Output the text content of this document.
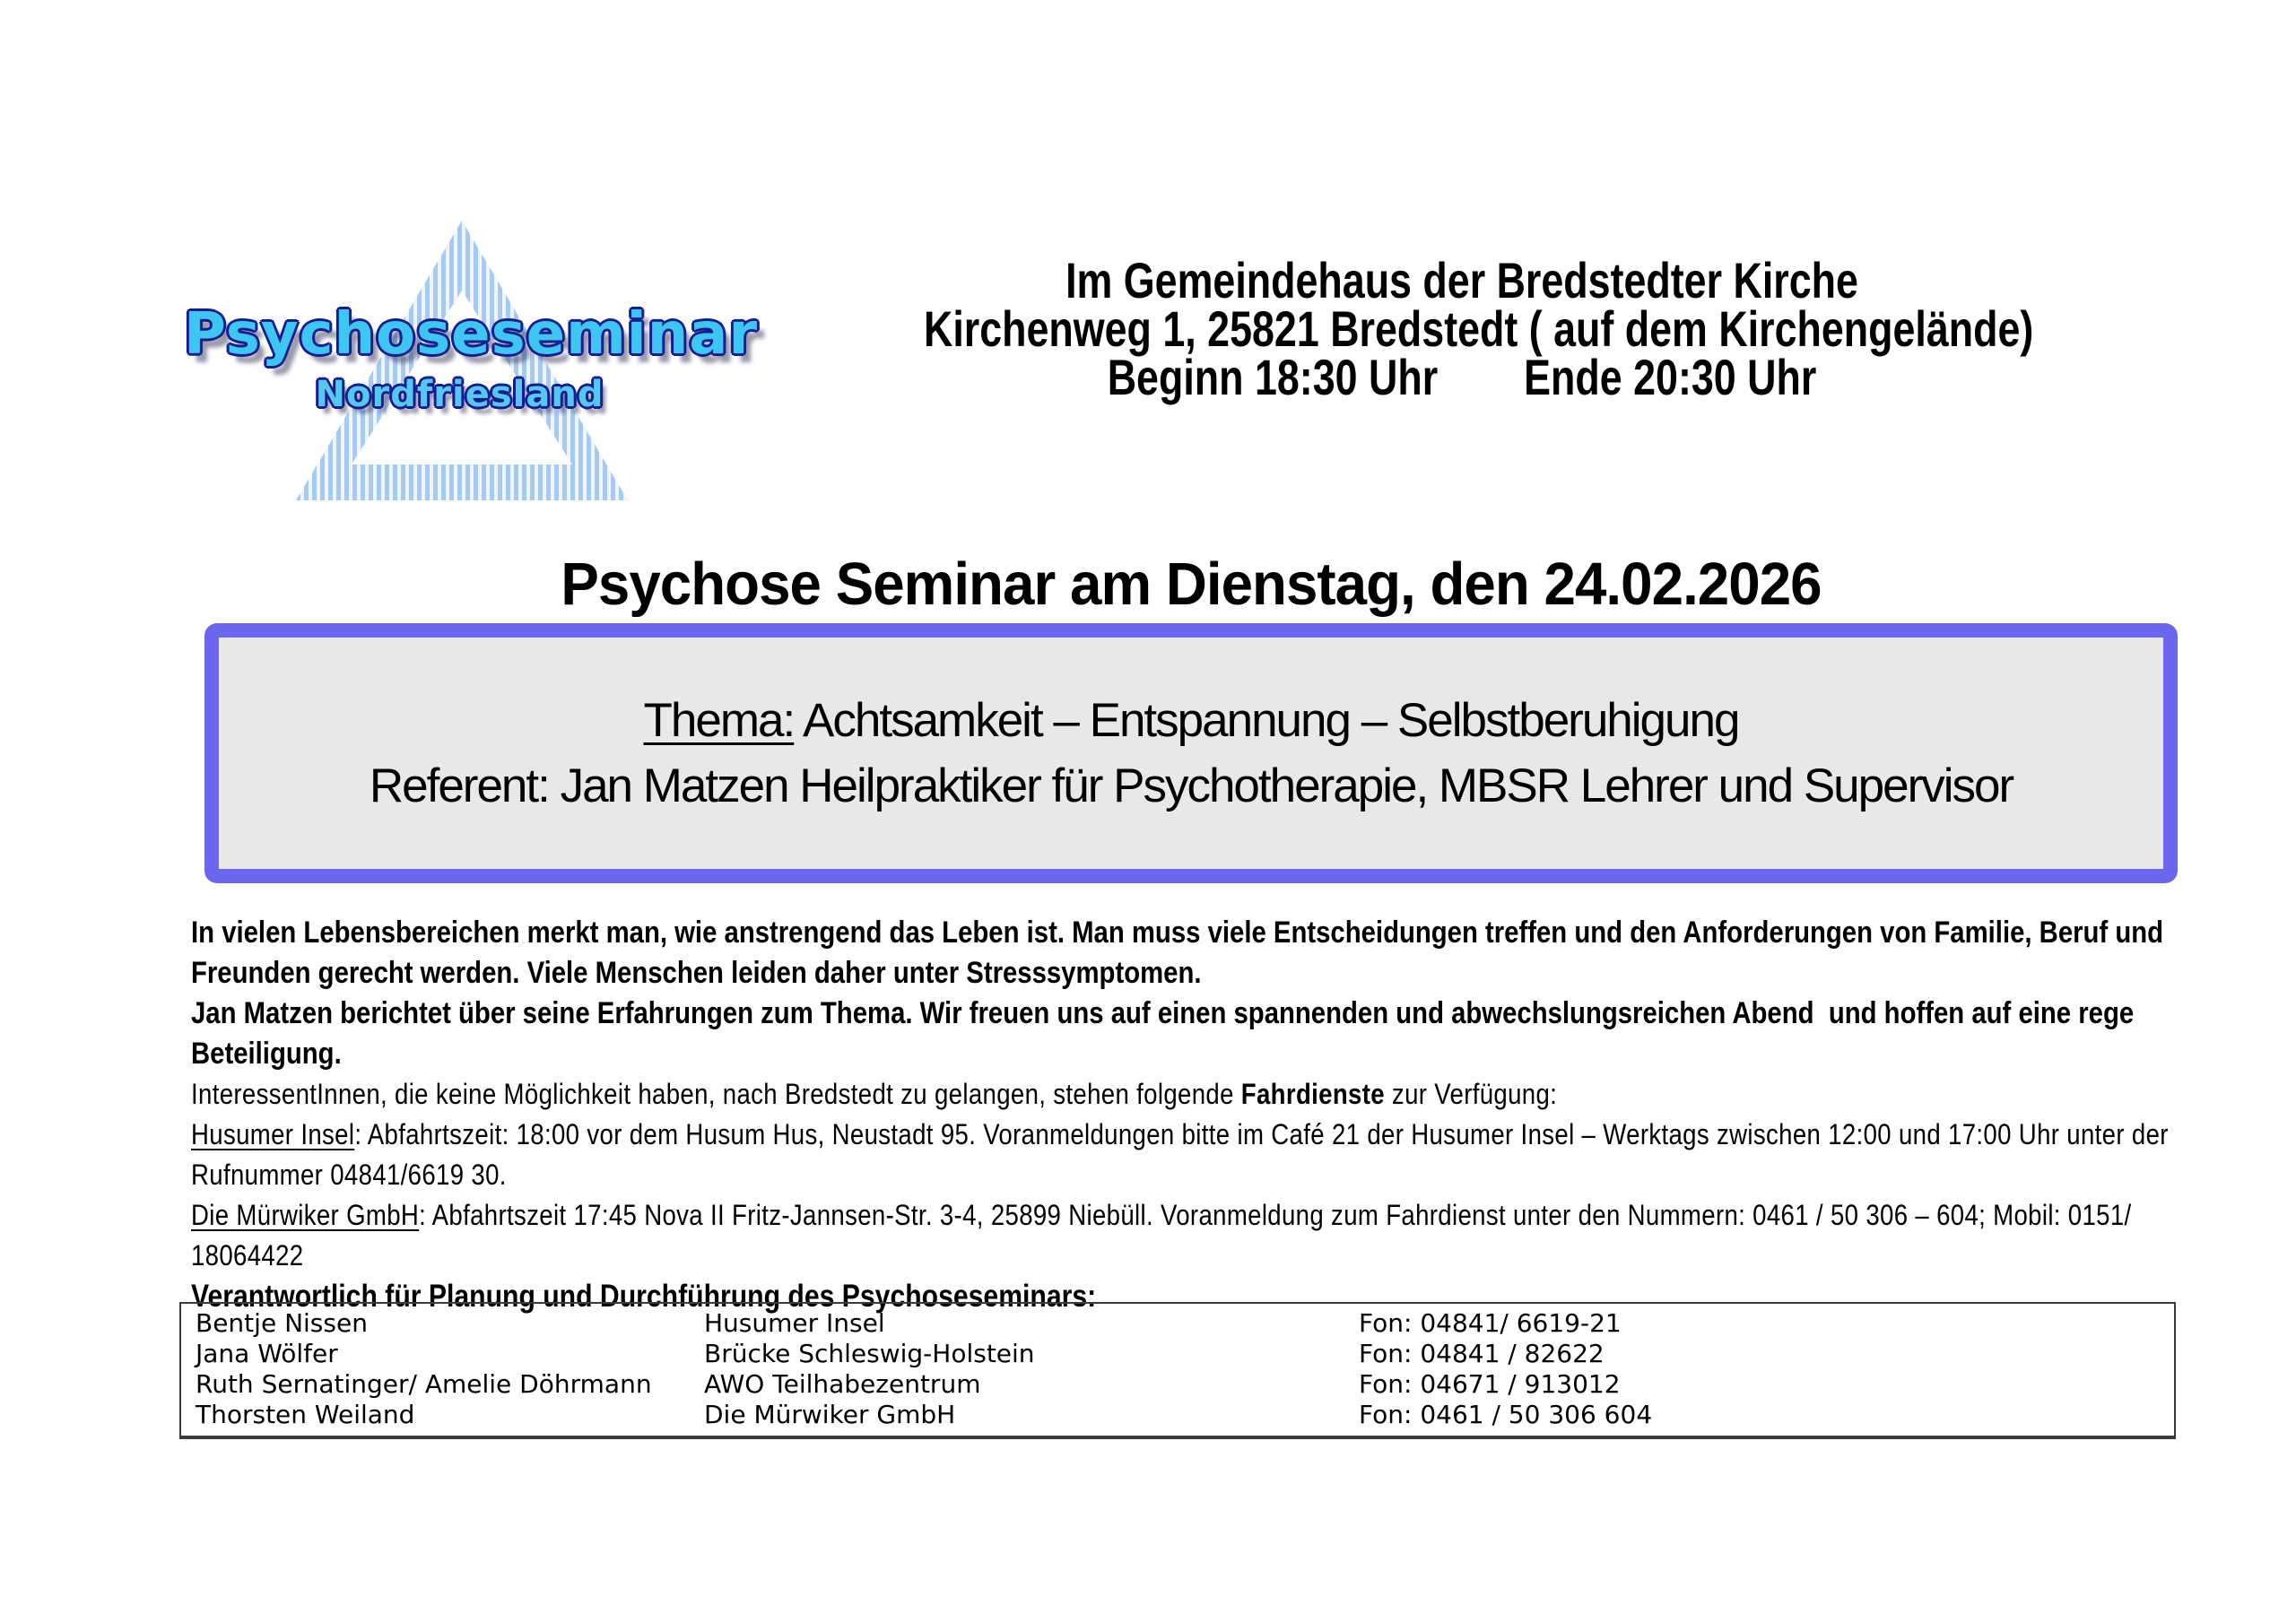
Psychoseseminar
Nordfriesland
Im Gemeindehaus der Bredstedter Kirche
Kirchenweg 1, 25821 Bredstedt ( auf dem Kirchengelände)
Beginn 18:30 Uhr Ende 20:30 Uhr
Psychose Seminar am Dienstag, den 24.02.2026
Thema: Achtsamkeit – Entspannung – Selbstberuhigung
Referent: Jan Matzen Heilpraktiker für Psychotherapie, MBSR Lehrer und Supervisor

In vielen Lebensbereichen merkt man, wie anstrengend das Leben ist. Man muss viele Entscheidungen treffen und den Anforderungen von Familie, Beruf und Freunden gerecht werden. Viele Menschen leiden daher unter Stresssymptomen.

Jan Matzen berichtet über seine Erfahrungen zum Thema. Wir freuen uns auf einen spannenden und abwechslungsreichen Abend  und hoffen auf eine rege Beteiligung.

InteressentInnen, die keine Möglichkeit haben, nach Bredstedt zu gelangen, stehen folgende Fahrdienste zur Verfügung:

Husumer Insel: Abfahrtszeit: 18:00 vor dem Husum Hus, Neustadt 95. Voranmeldungen bitte im Café 21 der Husumer Insel – Werktags zwischen 12:00 und 17:00 Uhr unter der Rufnummer 04841/6619 30.

Die Mürwiker GmbH: Abfahrtszeit 17:45 Nova II Fritz-Jannsen-Str. 3-4, 25899 Niebüll. Voranmeldung zum Fahrdienst unter den Nummern: 0461 / 50 306 – 604; Mobil: 0151/ 18064422

Verantwortlich für Planung und Durchführung des Psychoseseminars:

Bentje Nissen	Husumer Insel	Fon: 04841/ 6619-21
Jana Wölfer	Brücke Schleswig-Holstein	Fon: 04841 / 82622
Ruth Sernatinger/ Amelie Döhrmann	AWO Teilhabezentrum	Fon: 04671 / 913012
Thorsten Weiland	Die Mürwiker GmbH	Fon: 0461 / 50 306 604
